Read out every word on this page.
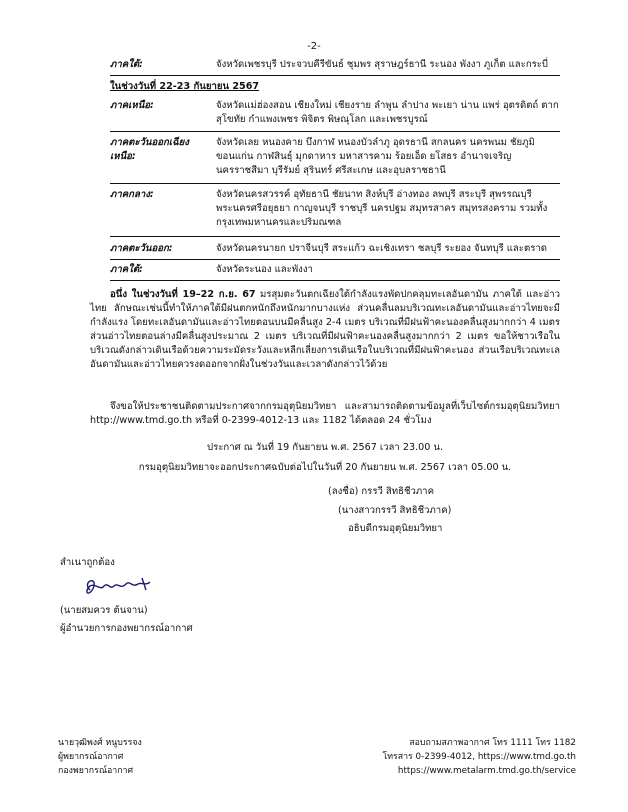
-2-
ภาคใต้:	จังหวัดเพชรบุรี ประจวบคีรีขันธ์ ชุมพร สุราษฎร์ธานี ระนอง พังงา ภูเก็ต และกระบี่
ในช่วงวันที่ 22-23 กันยายน 2567
ภาคเหนือ:	จังหวัดแม่ฮ่องสอน เชียงใหม่ เชียงราย ลำพูน ลำปาง พะเยา น่าน แพร่ อุตรดิตถ์ ตาก สุโขทัย กำแพงเพชร พิจิตร พิษณุโลก และเพชรบูรณ์
ภาคตะวันออกเฉียงเหนือ:
จังหวัดเลย หนองคาย บึงกาฬ หนองบัวลำภู อุดรธานี สกลนคร นครพนม ชัยภูมิ ขอนแก่น กาฬสินธุ์ มุกดาหาร มหาสารคาม ร้อยเอ็ด ยโสธร อำนาจเจริญ นครราชสีมา บุรีรัมย์ สุรินทร์ ศรีสะเกษ และอุบลราชธานี
ภาคกลาง:	จังหวัดนครสวรรค์ อุทัยธานี ชัยนาท สิงห์บุรี อ่างทอง ลพบุรี สระบุรี สุพรรณบุรี พระนครศรีอยุธยา กาญจนบุรี ราชบุรี นครปฐม สมุทรสาคร สมุทรสงคราม รวมทั้งกรุงเทพมหานครและปริมณฑล
ภาคตะวันออก:	จังหวัดนครนายก ปราจีนบุรี สระแก้ว ฉะเชิงเทรา ชลบุรี ระยอง จันทบุรี และตราด
ภาคใต้:	จังหวัดระนอง และพังงา
อนึ่ง ในช่วงวันที่ 19–22 ก.ย. 67 มรสุมตะวันตกเฉียงใต้กำลังแรงพัดปกคลุมทะเลอันดามัน ภาคใต้ และอ่าวไทย ลักษณะเช่นนี้ทำให้ภาคใต้มีฝนตกหนักถึงหนักมากบางแห่ง ส่วนคลื่นลมบริเวณทะเลอันดามันและอ่าวไทยจะมีกำลังแรง โดยทะเลอันดามันและอ่าวไทยตอนบนมีคลื่นสูง 2-4 เมตร บริเวณที่มีฝนฟ้าคะนองคลื่นสูงมากกว่า 4 เมตร ส่วนอ่าวไทยตอนล่างมีคลื่นสูงประมาณ 2 เมตร บริเวณที่มีฝนฟ้าคะนองคลื่นสูงมากกว่า 2 เมตร ขอให้ชาวเรือในบริเวณดังกล่าวเดินเรือด้วยความระมัดระวังและหลีกเลี่ยงการเดินเรือในบริเวณที่มีฝนฟ้าคะนอง ส่วนเรือบริเวณทะเลอันดามันและอ่าวไทยควรงดออกจากฝั่งในช่วงวันและเวลาดังกล่าวไว้ด้วย
จึงขอให้ประชาชนติดตามประกาศจากกรมอุตุนิยมวิทยา และสามารถติดตามข้อมูลที่เว็บไซต์กรมอุตุนิยมวิทยา http://www.tmd.go.th หรือที่ 0-2399-4012-13 และ 1182 ได้ตลอด 24 ชั่วโมง
ประกาศ ณ วันที่ 19 กันยายน พ.ศ. 2567 เวลา 23.00 น.
กรมอุตุนิยมวิทยาจะออกประกาศฉบับต่อไปในวันที่ 20 กันยายน พ.ศ. 2567 เวลา 05.00 น.
(ลงชื่อ) กรรวี สิทธิชีวภาค
(นางสาวกรรวี สิทธิชีวภาค)
อธิบดีกรมอุตุนิยมวิทยา
สำเนาถูกต้อง
(นายสมควร ต้นจาน)
ผู้อำนวยการกองพยากรณ์อากาศ
นายวุฒิพงศ์ หนูบรรจง
ผู้พยากรณ์อากาศ
กองพยากรณ์อากาศ
สอบถามสภาพอากาศ โทร 1111 โทร 1182
โทรสาร 0-2399-4012, https://www.tmd.go.th
https://www.metalarm.tmd.go.th/service
